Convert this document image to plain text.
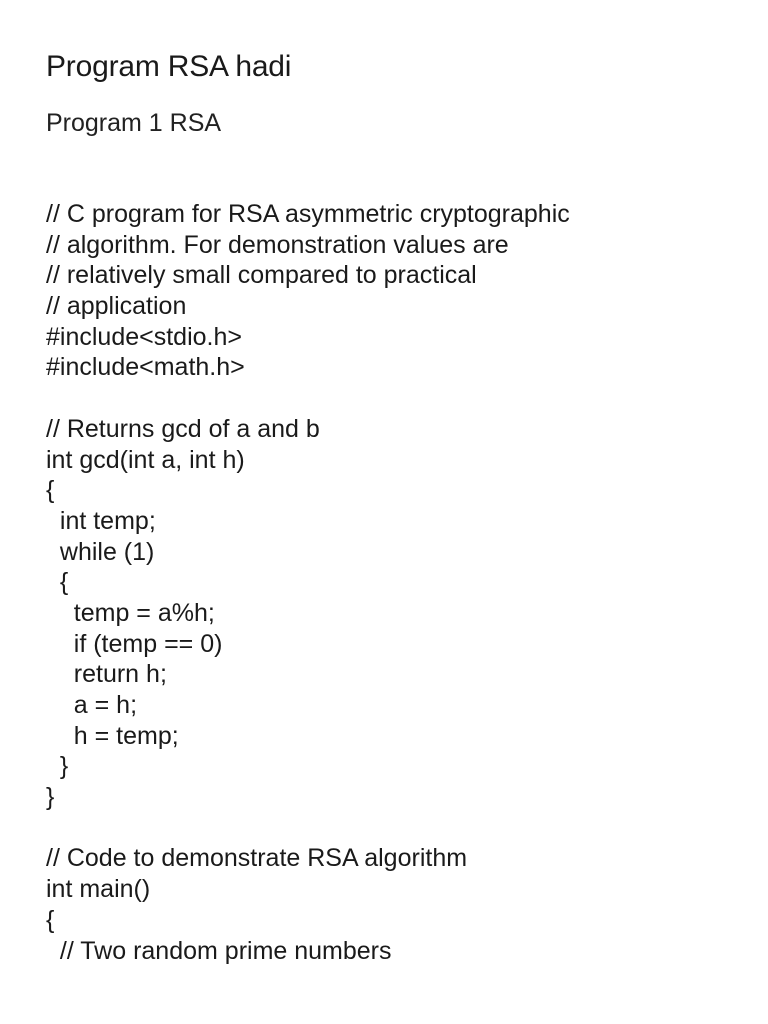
Program RSA hadi

Program 1 RSA

// C program for RSA asymmetric cryptographic
// algorithm. For demonstration values are
// relatively small compared to practical
// application
#include<stdio.h>
#include<math.h>
// Returns gcd of a and b
int gcd(int a, int h)
{
int temp;
while (1)
{
temp = a%h;
if (temp == 0)
return h;
a = h;
h = temp;
}
}
// Code to demonstrate RSA algorithm
int main()
{
// Two random prime numbers
